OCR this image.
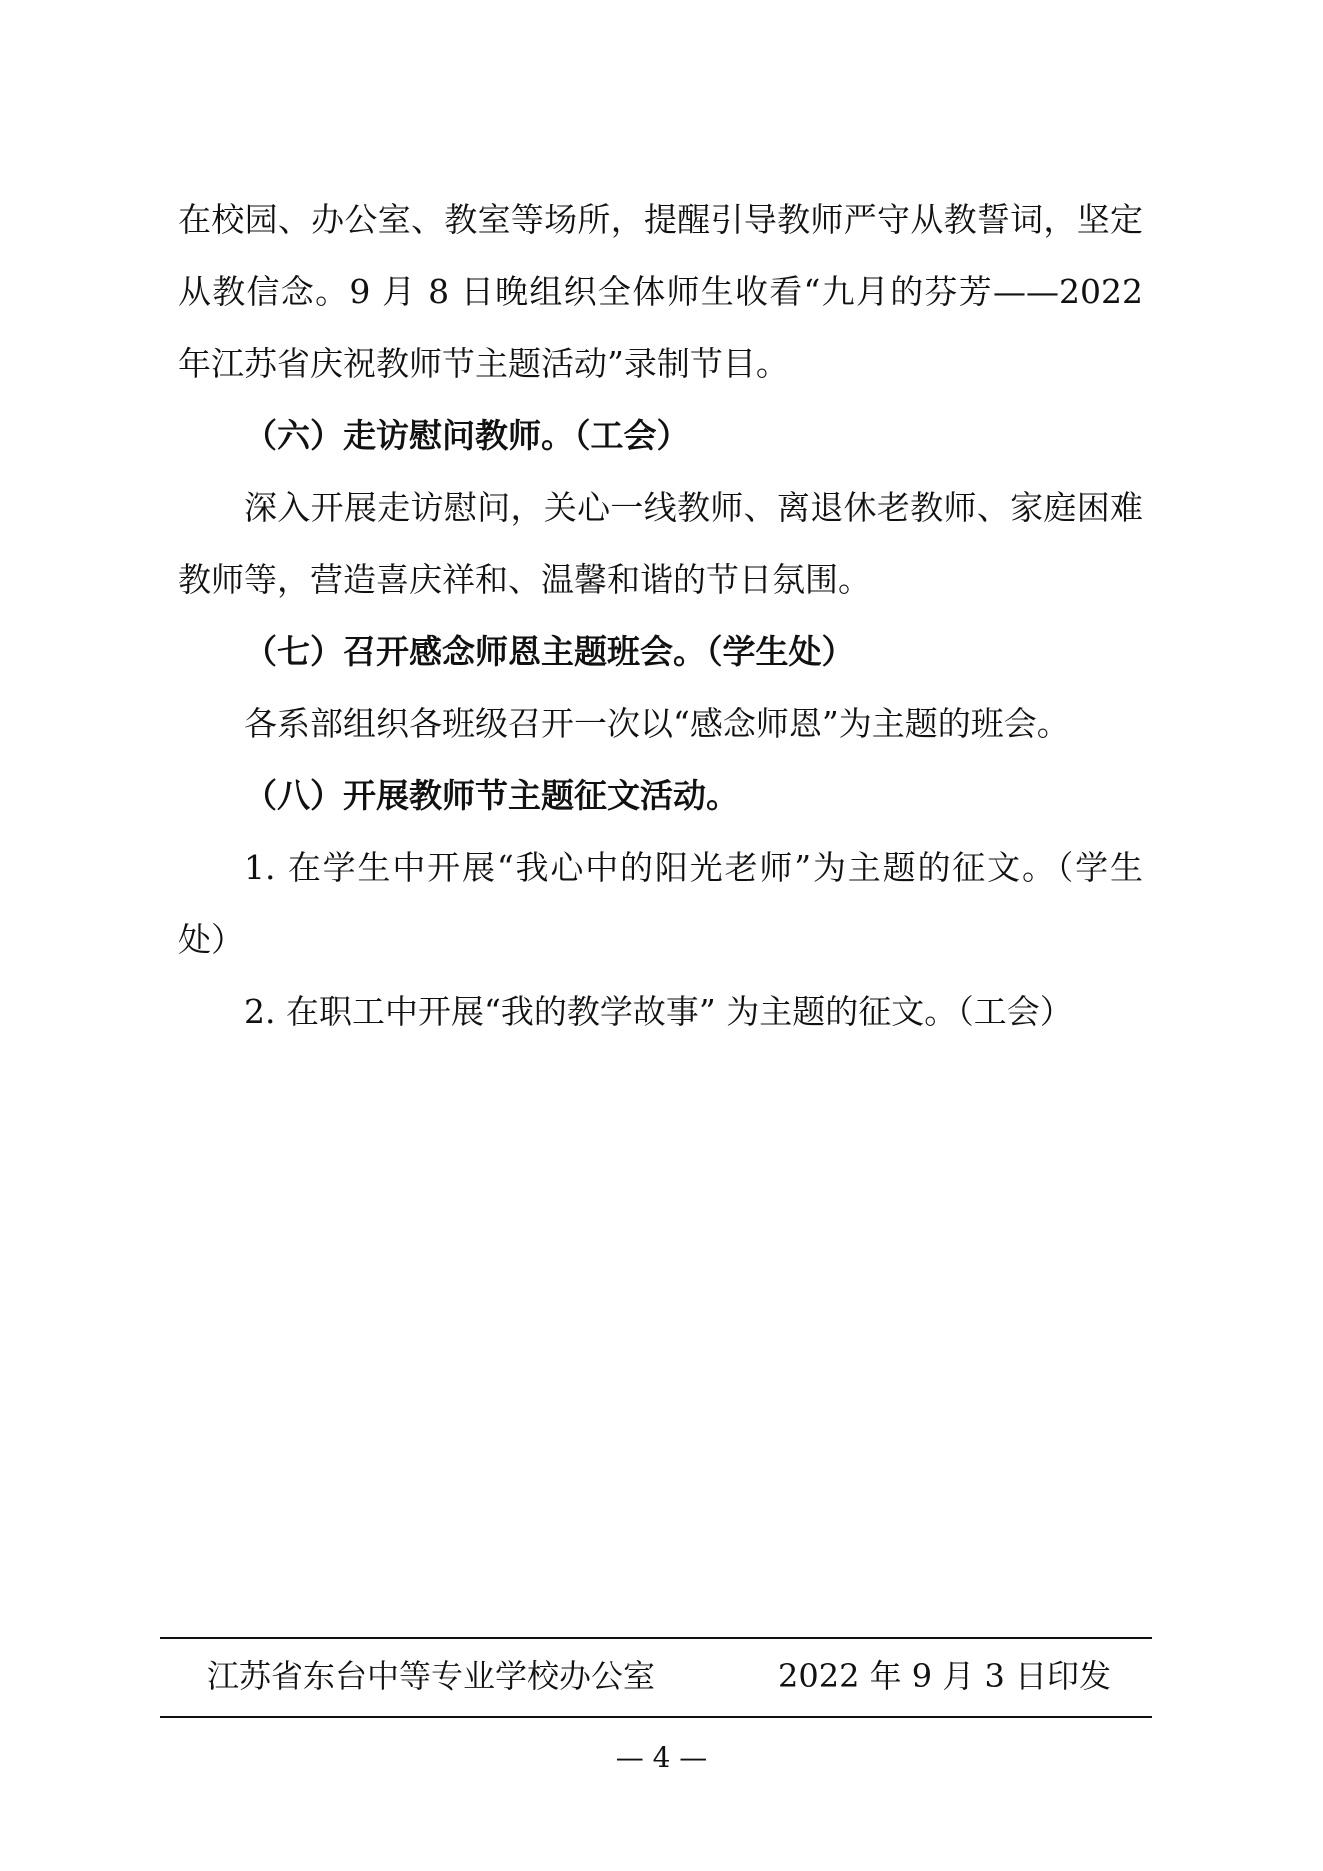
在校园、办公室、教室等场所，提醒引导教师严守从教誓词，坚定从教信念。9 月 8 日晚组织全体师生收看“九月的芬芳——2022 年江苏省庆祝教师节主题活动”录制节目。

（六）走访慰问教师。（工会）

深入开展走访慰问，关心一线教师、离退休老教师、家庭困难教师等，营造喜庆祥和、温馨和谐的节日氛围。

（七）召开感念师恩主题班会。（学生处）

各系部组织各班级召开一次以“感念师恩”为主题的班会。

（八）开展教师节主题征文活动。

1. 在学生中开展“我心中的阳光老师”为主题的征文。（学生处）

2. 在职工中开展“我的教学故事” 为主题的征文。（工会）

江苏省东台中等专业学校办公室	2022 年 9 月 3 日印发
— 4 —
